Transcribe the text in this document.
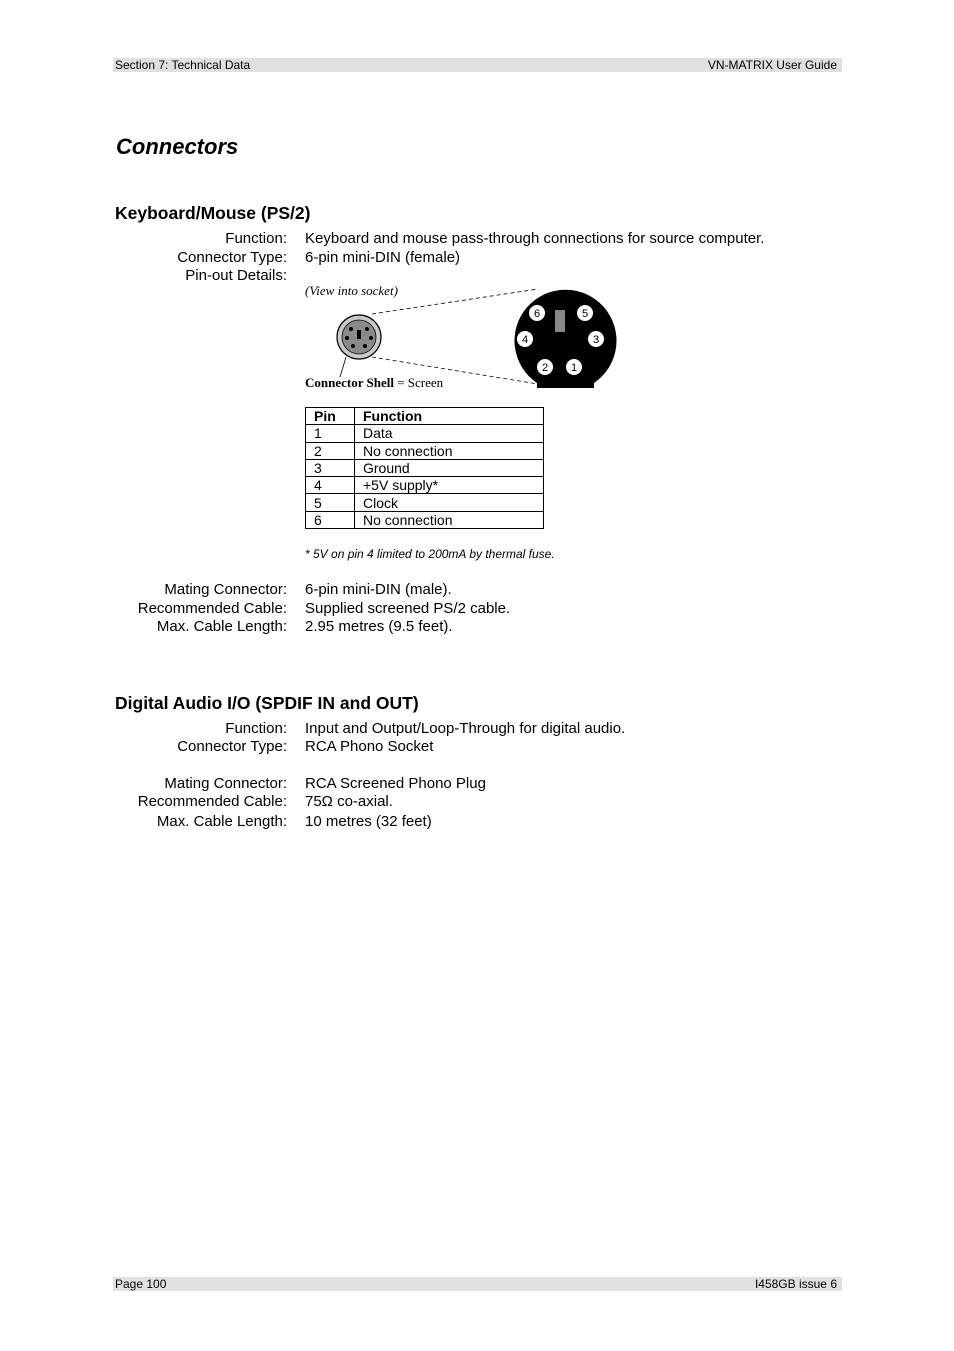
Section 7: Technical Data	VN-MATRIX User Guide
Connectors
Keyboard/Mouse (PS/2)
Function: Keyboard and mouse pass-through connections for source computer.
Connector Type: 6-pin mini-DIN (female)
Pin-out Details:
(View into socket)
6	5
4	3
2 1
Connector Shell = Screen
Pin	Function
1	Data
2	No connection
3	Ground
4	+5V supply*
5	Clock
6	No connection
* 5V on pin 4 limited to 200mA by thermal fuse.
Mating Connector: 6-pin mini-DIN (male).
Recommended Cable: Supplied screened PS/2 cable.
Max. Cable Length: 2.95 metres (9.5 feet).
Digital Audio I/O (SPDIF IN and OUT)
Function: Input and Output/Loop-Through for digital audio.
Connector Type: RCA Phono Socket
Mating Connector: RCA Screened Phono Plug
Recommended Cable: 75Ω co-axial.
Max. Cable Length: 10 metres (32 feet)
Page 100	I458GB issue 6
